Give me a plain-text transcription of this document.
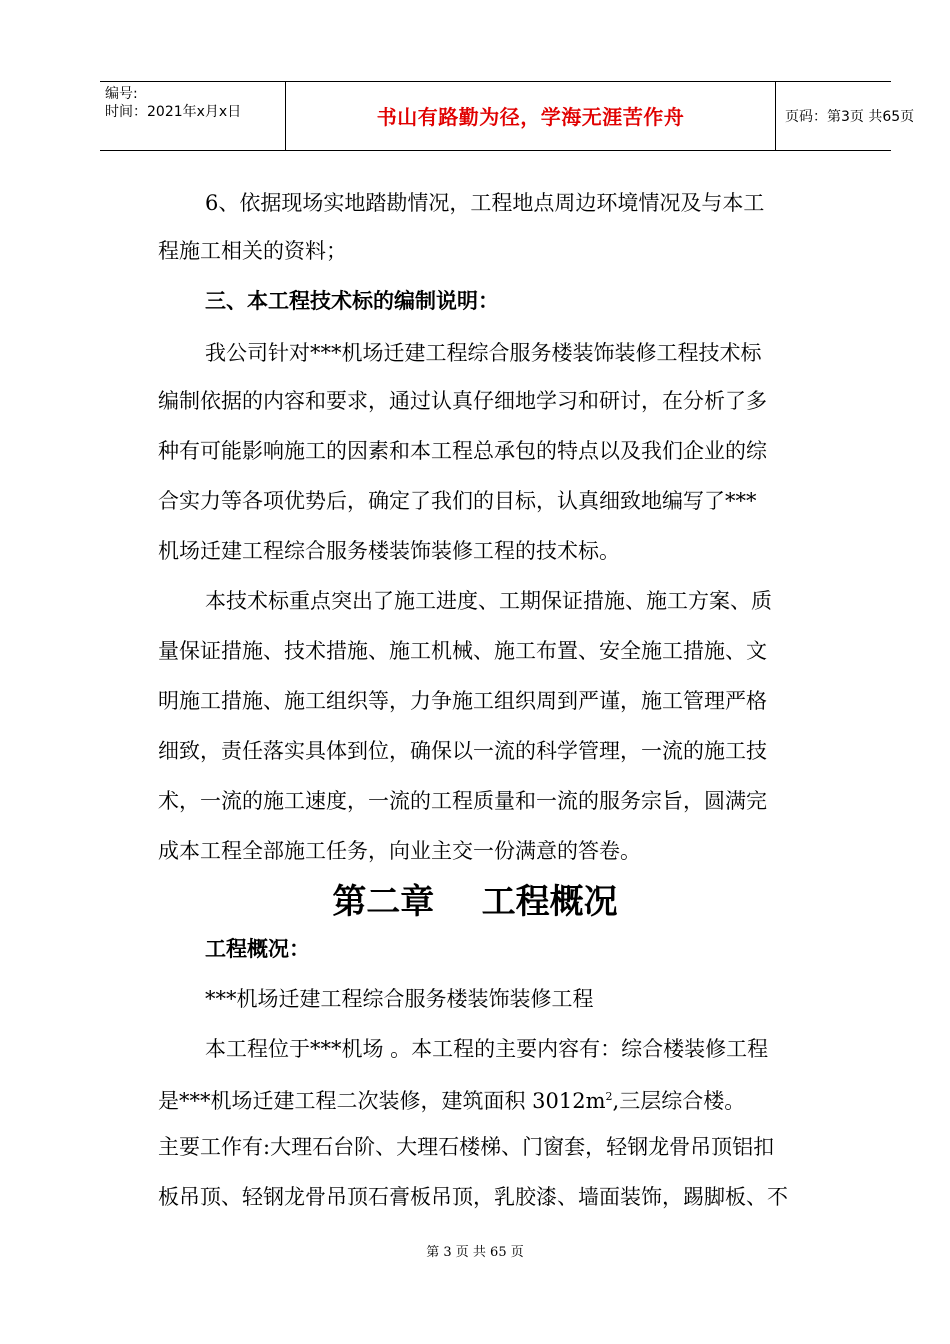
编号:
时间：2021年x月x日	书山有路勤为径，学海无涯苦作舟	页码：第3页 共65页
6、依据现场实地踏勘情况，工程地点周边环境情况及与本工
程施工相关的资料；
三、本工程技术标的编制说明：
我公司针对***机场迁建工程综合服务楼装饰装修工程技术标
编制依据的内容和要求，通过认真仔细地学习和研讨，在分析了多
种有可能影响施工的因素和本工程总承包的特点以及我们企业的综
合实力等各项优势后，确定了我们的目标，认真细致地编写了***
机场迁建工程综合服务楼装饰装修工程的技术标。
本技术标重点突出了施工进度、工期保证措施、施工方案、质
量保证措施、技术措施、施工机械、施工布置、安全施工措施、文
明施工措施、施工组织等，力争施工组织周到严谨，施工管理严格
细致，责任落实具体到位，确保以一流的科学管理，一流的施工技
术，一流的施工速度，一流的工程质量和一流的服务宗旨，圆满完
成本工程全部施工任务，向业主交一份满意的答卷。
第二章    工程概况
工程概况：
***机场迁建工程综合服务楼装饰装修工程
本工程位于***机场 。本工程的主要内容有：综合楼装修工程
是***机场迁建工程二次装修，建筑面积 $3012m^2$,三层综合楼。
主要工作有:大理石台阶、大理石楼梯、门窗套，轻钢龙骨吊顶铝扣
板吊顶、轻钢龙骨吊顶石膏板吊顶，乳胶漆、墙面装饰，踢脚板、不
第 3 页 共 65 页
